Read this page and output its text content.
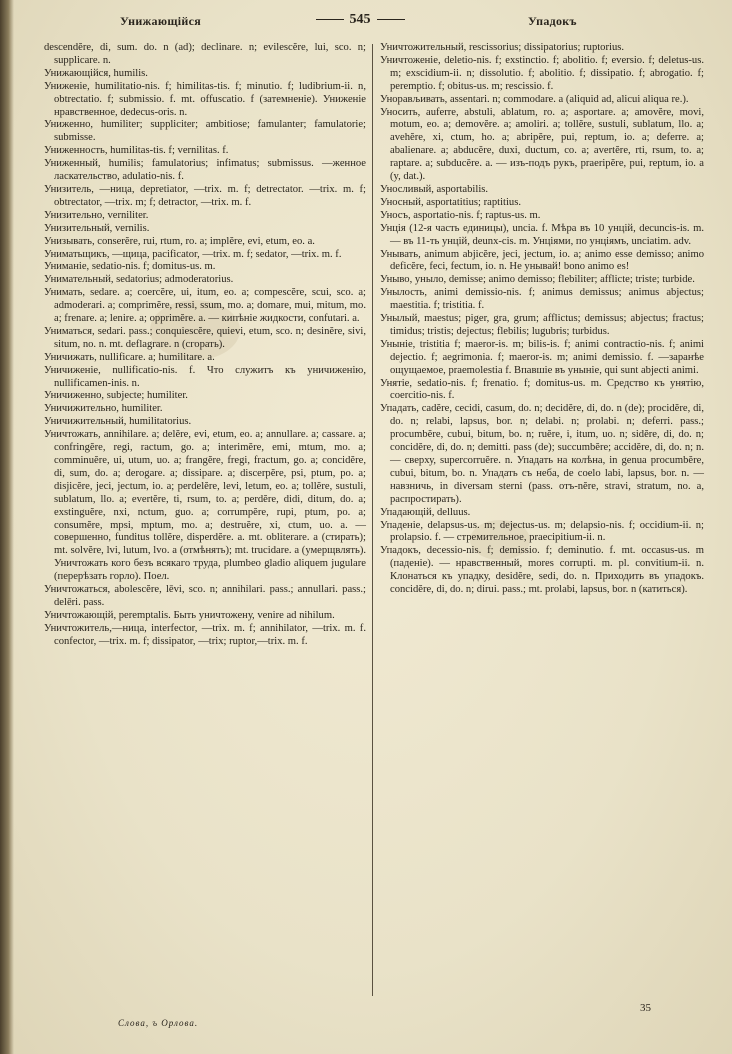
Унижающійся	545	Упадокъ

descendĕre, di, sum. do. n (ad); declinare. n; evilescĕre, lui, sco. n; supplicare. n.

Унижающійся, humilis.

Униженіе, humilitatio-nis. f; himilitas-tis. f; minutio. f; ludibrium-ii. n, obtrectatio. f; submissio. f. mt. offuscatio. f (затемненіе). Униженіе нравственное, dedecus-oris. n.

Униженно, humiliter; suppliciter; ambitiose; famulanter; famulatorie; submisse.

Униженность, humilitas-tis. f; vernilitas. f.

Униженный, humilis; famulatorius; infimatus; submissus. —женное ласкательство, adulatio-nis. f.

Унизитель, —ница, depretiator, —trix. m. f; detrectator. —trix. m. f; obtrectator, —trix. m; f; detractor, —trix. m. f.

Унизительно, verniliter.

Унизительный, vernilis.

Унизывать, conserĕre, rui, rtum, ro. a; implĕre, evi, etum, eo. a.

Униматьщикъ, —щица, pacificator, —trix. m. f; sedator, —trix. m. f.

Униманіе, sedatio-nis. f; domitus-us. m.

Унимательный, sedatorius; admoderatorius.

Унимать, sedare. a; coercĕre, ui, itum, eo. a; compescĕre, scui, sco. a; admoderari. a; comprimĕre, ressi, ssum, mo. a; domare, mui, mitum, mo. a; frenare. a; lenire. a; opprimĕre. a. — кипѣніе жидкости, confutari. a.

Униматься, sedari. pass.; conquiescĕre, quievi, etum, sco. n; desinĕre, sivi, situm, no. n. mt. deflagrare. n (сгорать).

Уничижать, nullificare. a; humilitare. a.

Уничиженіе, nullificatio-nis. f. Что служитъ къ уничиженію, nullificamen-inis. n.

Уничиженно, subjecte; humiliter.

Уничижительно, humiliter.

Уничижительный, humilitatorius.

Уничтожать, annihilare. a; delĕre, evi, etum, eo. a; annullare. a; cassare. a; confringĕre, regi, ractum, go. a; interimĕre, emi, mtum, mo. a; comminuĕre, ui, utum, uo. a; frangĕre, fregi, fractum, go. a; concidĕre, di, sum, do. a; derogare. a; dissipare. a; discerpĕre, psi, ptum, po. a; disjicĕre, jeci, jectum, io. a; perdelĕre, levi, letum, eo. a; tollĕre, sustuli, sublatum, llo. a; evertĕre, ti, rsum, to. a; perdĕre, didi, ditum, do. a; exstinguĕre, nxi, nctum, guo. a; corrumpĕre, rupi, ptum, po. a; consumĕre, mpsi, mptum, mo. a; destruĕre, xi, ctum, uo. a. — совершенно, funditus tollĕre, disperdĕre. a. mt. obliterare. a (стирать); mt. solvĕre, lvi, lutum, lvo. a (отмѣнять); mt. trucidare. a (умерщвлять). Уничтожать кого безъ всякаго труда, plumbeo gladio aliquem jugulare (перерѣзать горло). Поел.

Уничтожаться, abolescĕre, lēvi, sco. n; annihilari. pass.; annullari. pass.; delēri. pass.

Уничтожающій, peremptalis. Быть уничтожену, venire ad nihilum.

Уничтожитель,—ница, interfector, —trix. m. f; annihilator, —trix. m. f. confector, —trix. m. f; dissipator, —trix; ruptor,—trix. m. f.

Уничтожительный, rescissorius; dissipatorius; ruptorius.

Уничтоженіе, deletio-nis. f; exstinctio. f; abolitio. f; eversio. f; deletus-us. m; exscidium-ii. n; dissolutio. f; abolitio. f; dissipatio. f; abrogatio. f; peremptio. f; obitus-us. m; rescissio. f.

Унорављивать, assentari. n; commodare. a (aliquid ad, alicui aliqua re.).

Уносить, auferre, abstuli, ablatum, ro. a; asportare. a; amovĕre, movi, motum, eo. a; demovĕre. a; amoliri. a; tollĕre, sustuli, sublatum, llo. a; avehĕre, xi, ctum, ho. a; abripĕre, pui, reptum, io. a; deferre. a; abalienare. a; abducĕre, duxi, ductum, co. a; avertĕre, rti, rsum, to. a; raptare. a; subducĕre. a. — изъ-подъ рукъ, praeripĕre, pui, reptum, io. a (y, dat.).

Уносливый, asportabilis.

Уносный, asportatitius; raptitius.

Уносъ, asportatio-nis. f; raptus-us. m.

Унція (12-я часть единицы), uncia. f. Мѣра въ 10 унцій, decuncis-is. m. — въ 11-ть унцій, deunx-cis. m. Унціями, по унціямъ, unciatim. adv.

Унывать, animum abjicĕre, jeci, jectum, io. a; animo esse demisso; animo deficĕre, feci, fectum, io. n. Не унывай! bono animo es!

Уныво, уныло, demisse; animo demisso; flebiliter; afflicte; triste; turbide.

Унылость, animi demissio-nis. f; animus demissus; animus abjectus; maestitia. f; tristitia. f.

Унылый, maestus; piger, gra, grum; afflictus; demissus; abjectus; fractus; timidus; tristis; dejectus; flebilis; lugubris; turbidus.

Уныніе, tristitia f; maeror-is. m; bilis-is. f; animi contractio-nis. f; animi dejectio. f; aegrimonia. f; maeror-is. m; animi demissio. f. —заранѣе ощущаемое, praemolestia f. Впавшіе въ уныніе, qui sunt abjecti animi.

Унятіе, sedatio-nis. f; frenatio. f; domitus-us. m. Средство къ унятію, coercitio-nis. f.

Упадать, cadĕre, cecidi, casum, do. n; decidĕre, di, do. n (de); procidĕre, di, do. n; relabi, lapsus, bor. n; delabi. n; prolabi. n; deferri. pass.; procumbĕre, cubui, bitum, bo. n; ruĕre, i, itum, uo. n; sidĕre, di, do. n; concidĕre, di, do. n; demitti. pass (de); succumbĕre; accidĕre, di, do. n; n. — сверху, supercorruĕre. n. Упадать на колѣна, in genua procumbĕre, cubui, bitum, bo. n. Упадать съ неба, de coelo labi, lapsus, bor. n. — навзничь, in diversam sterni (pass. отъ-nĕre, stravi, stratum, no. a, распростирать).

Упадающій, delluus.

Упаденіе, delapsus-us. m; dejectus-us. m; delapsio-nis. f; occidium-ii. n; prolapsio. f. — стремительное, praecipitium-ii. n.

Упадокъ, decessio-nis. f; demissio. f; deminutio. f. mt. occasus-us. m (паденіе). — нравственный, mores corrupti. m. pl. convitium-ii. n. Клонаться къ упадку, desidĕre, sedi, do. n. Приходить въ упадокъ. concidĕre, di, do. n; dirui. pass.; mt. prolabi, lapsus, bor. n (катиться).

35
Слова, ъ Орлова.
